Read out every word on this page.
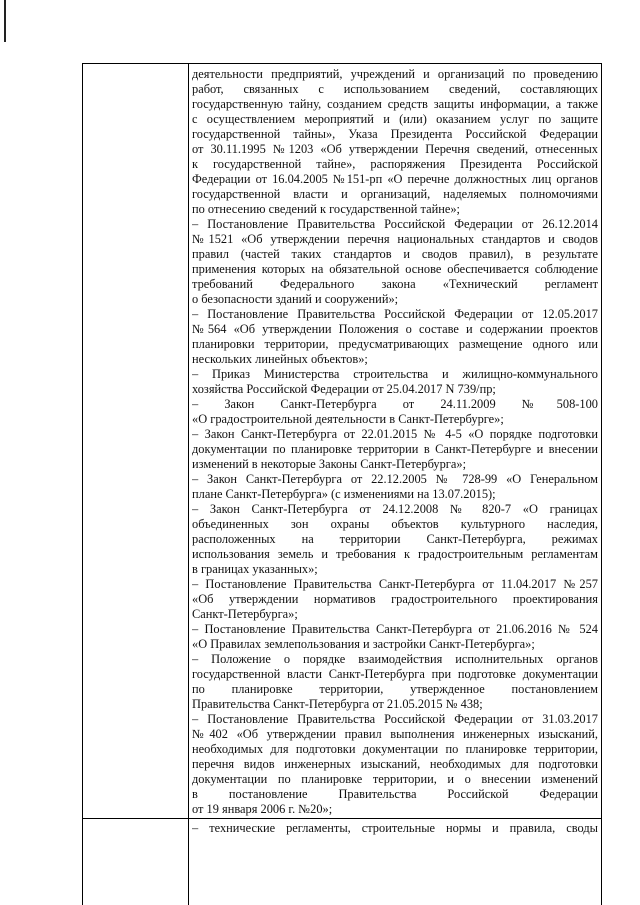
деятельности предприятий, учреждений и организаций по проведению
работ, связанных с использованием сведений, составляющих
государственную тайну, созданием средств защиты информации, а также
с осуществлением мероприятий и (или) оказанием услуг по защите
государственной тайны», Указа Президента Российской Федерации
от 30.11.1995 №1203 «Об утверждении Перечня сведений, отнесенных
к государственной тайне», распоряжения Президента Российской
Федерации от 16.04.2005 №151-рп «О перечне должностных лиц органов
государственной власти и организаций, наделяемых полномочиями
по отнесению сведений к государственной тайне»;
– Постановление Правительства Российской Федерации от 26.12.2014
№1521 «Об утверждении перечня национальных стандартов и сводов
правил (частей таких стандартов и сводов правил), в результате
применения которых на обязательной основе обеспечивается соблюдение
требований Федерального закона «Технический регламент
о безопасности зданий и сооружений»;
– Постановление Правительства Российской Федерации от 12.05.2017
№564 «Об утверждении Положения о составе и содержании проектов
планировки территории, предусматривающих размещение одного или
нескольких линейных объектов»;
– Приказ Министерства строительства и жилищно-коммунального
хозяйства Российской Федерации от 25.04.2017 N 739/пр;
– Закон Санкт-Петербурга от 24.11.2009 №508-100
«О градостроительной деятельности в Санкт-Петербурге»;
– Закон Санкт-Петербурга от 22.01.2015 № 4-5 «О порядке подготовки
документации по планировке территории в Санкт-Петербурге и внесении
изменений в некоторые Законы Санкт-Петербурга»;
– Закон Санкт-Петербурга от 22.12.2005 № 728-99 «О Генеральном
плане Санкт-Петербурга» (с изменениями на 13.07.2015);
– Закон Санкт-Петербурга от 24.12.2008 № 820-7 «О границах
объединенных зон охраны объектов культурного наследия,
расположенных на территории Санкт-Петербурга, режимах
использования земель и требования к градостроительным регламентам
в границах указанных»;
– Постановление Правительства Санкт-Петербурга от 11.04.2017 №257
«Об утверждении нормативов градостроительного проектирования
Санкт-Петербурга»;
– Постановление Правительства Санкт-Петербурга от 21.06.2016 № 524
«О Правилах землепользования и застройки Санкт-Петербурга»;
– Положение о порядке взаимодействия исполнительных органов
государственной власти Санкт-Петербурга при подготовке документации
по планировке территории, утвержденное постановлением
Правительства Санкт-Петербурга от 21.05.2015 № 438;
– Постановление Правительства Российской Федерации от 31.03.2017
№402 «Об утверждении правил выполнения инженерных изысканий,
необходимых для подготовки документации по планировке территории,
перечня видов инженерных изысканий, необходимых для подготовки
документации по планировке территории, и о внесении изменений
в постановление Правительства Российской Федерации
от 19 января 2006 г. №20»;
– технические регламенты, строительные нормы и правила, своды
